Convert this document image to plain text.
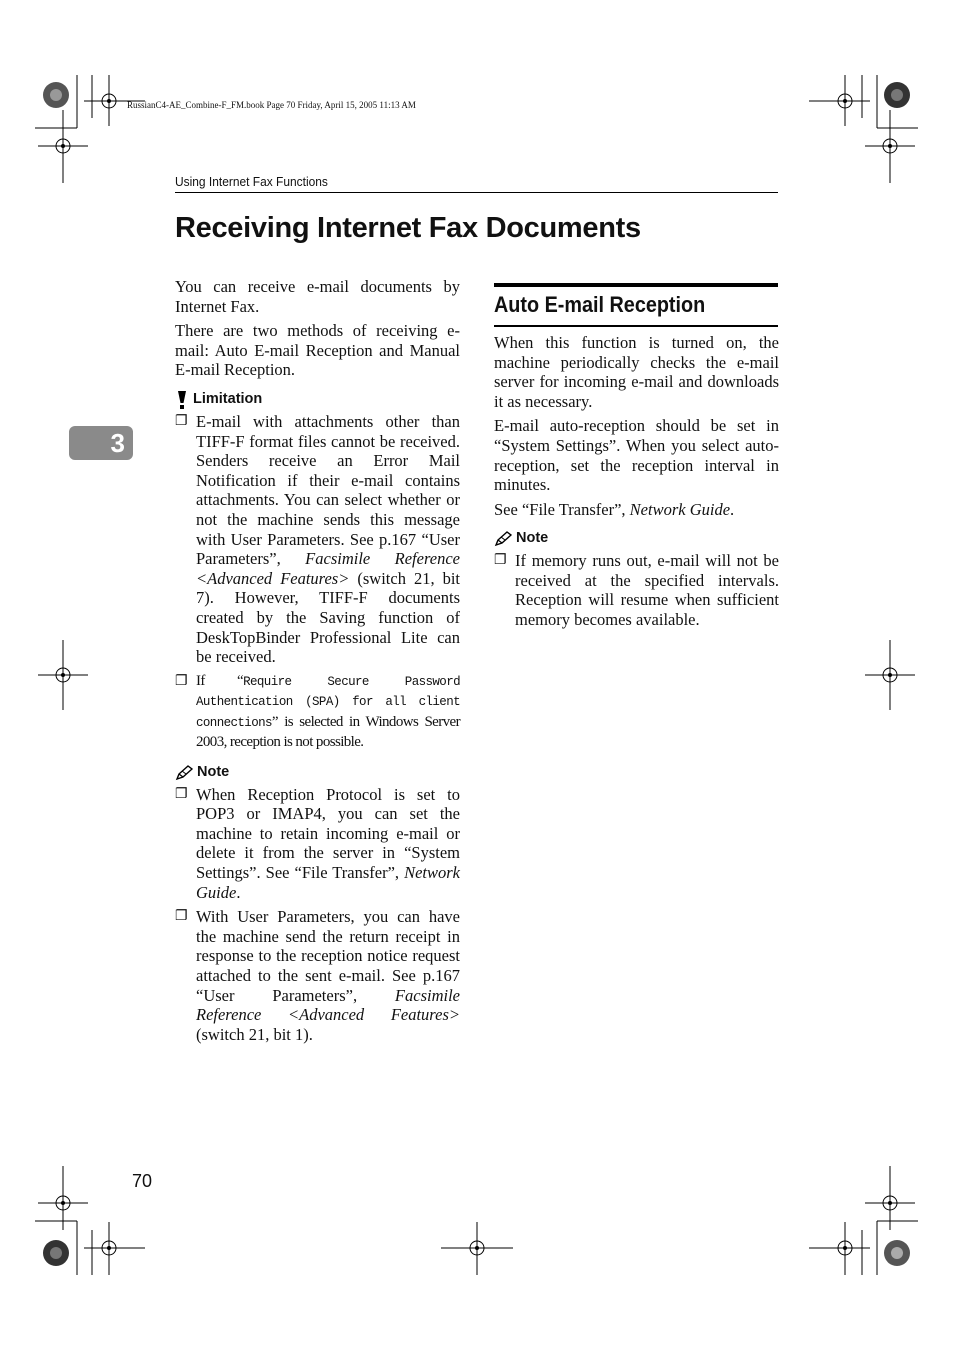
RussianC4-AE_Combine-F_FM.book Page 70 Friday, April 15, 2005 11:13 AM
Using Internet Fax Functions
Receiving Internet Fax Documents
3

You can receive e-mail documents by Internet Fax.

There are two methods of receiving e-mail: Auto E-mail Reception and Manual E-mail Reception.

Limitation
❐ E-mail with attachments other than TIFF-F format files cannot be received. Senders receive an Error Mail Notification if their e-mail contains attachments. You can select whether or not the machine sends this message with User Parameters. See p.167 “User Parameters”, Facsimile Reference <Advanced Features> (switch 21, bit 7). However, TIFF-F documents created by the Saving function of DeskTopBinder Professional Lite can be received.
❐ If “Require Secure Password Authentication (SPA) for all client connections” is selected in Windows Server 2003, reception is not possible.
Note
❐ When Reception Protocol is set to POP3 or IMAP4, you can set the machine to retain incoming e-mail or delete it from the server in “System Settings”. See “File Transfer”, Network Guide.
❐ With User Parameters, you can have the machine send the return receipt in response to the reception notice request attached to the sent e-mail. See p.167 “User Parameters”, Facsimile Reference <Advanced Features> (switch 21, bit 1).
Auto E-mail Reception

When this function is turned on, the machine periodically checks the e-mail server for incoming e-mail and downloads it as necessary.

E-mail auto-reception should be set in “System Settings”. When you select auto-reception, set the reception interval in minutes.

See “File Transfer”, Network Guide.

Note
❐ If memory runs out, e-mail will not be received at the specified intervals. Reception will resume when sufficient memory becomes available.
70
